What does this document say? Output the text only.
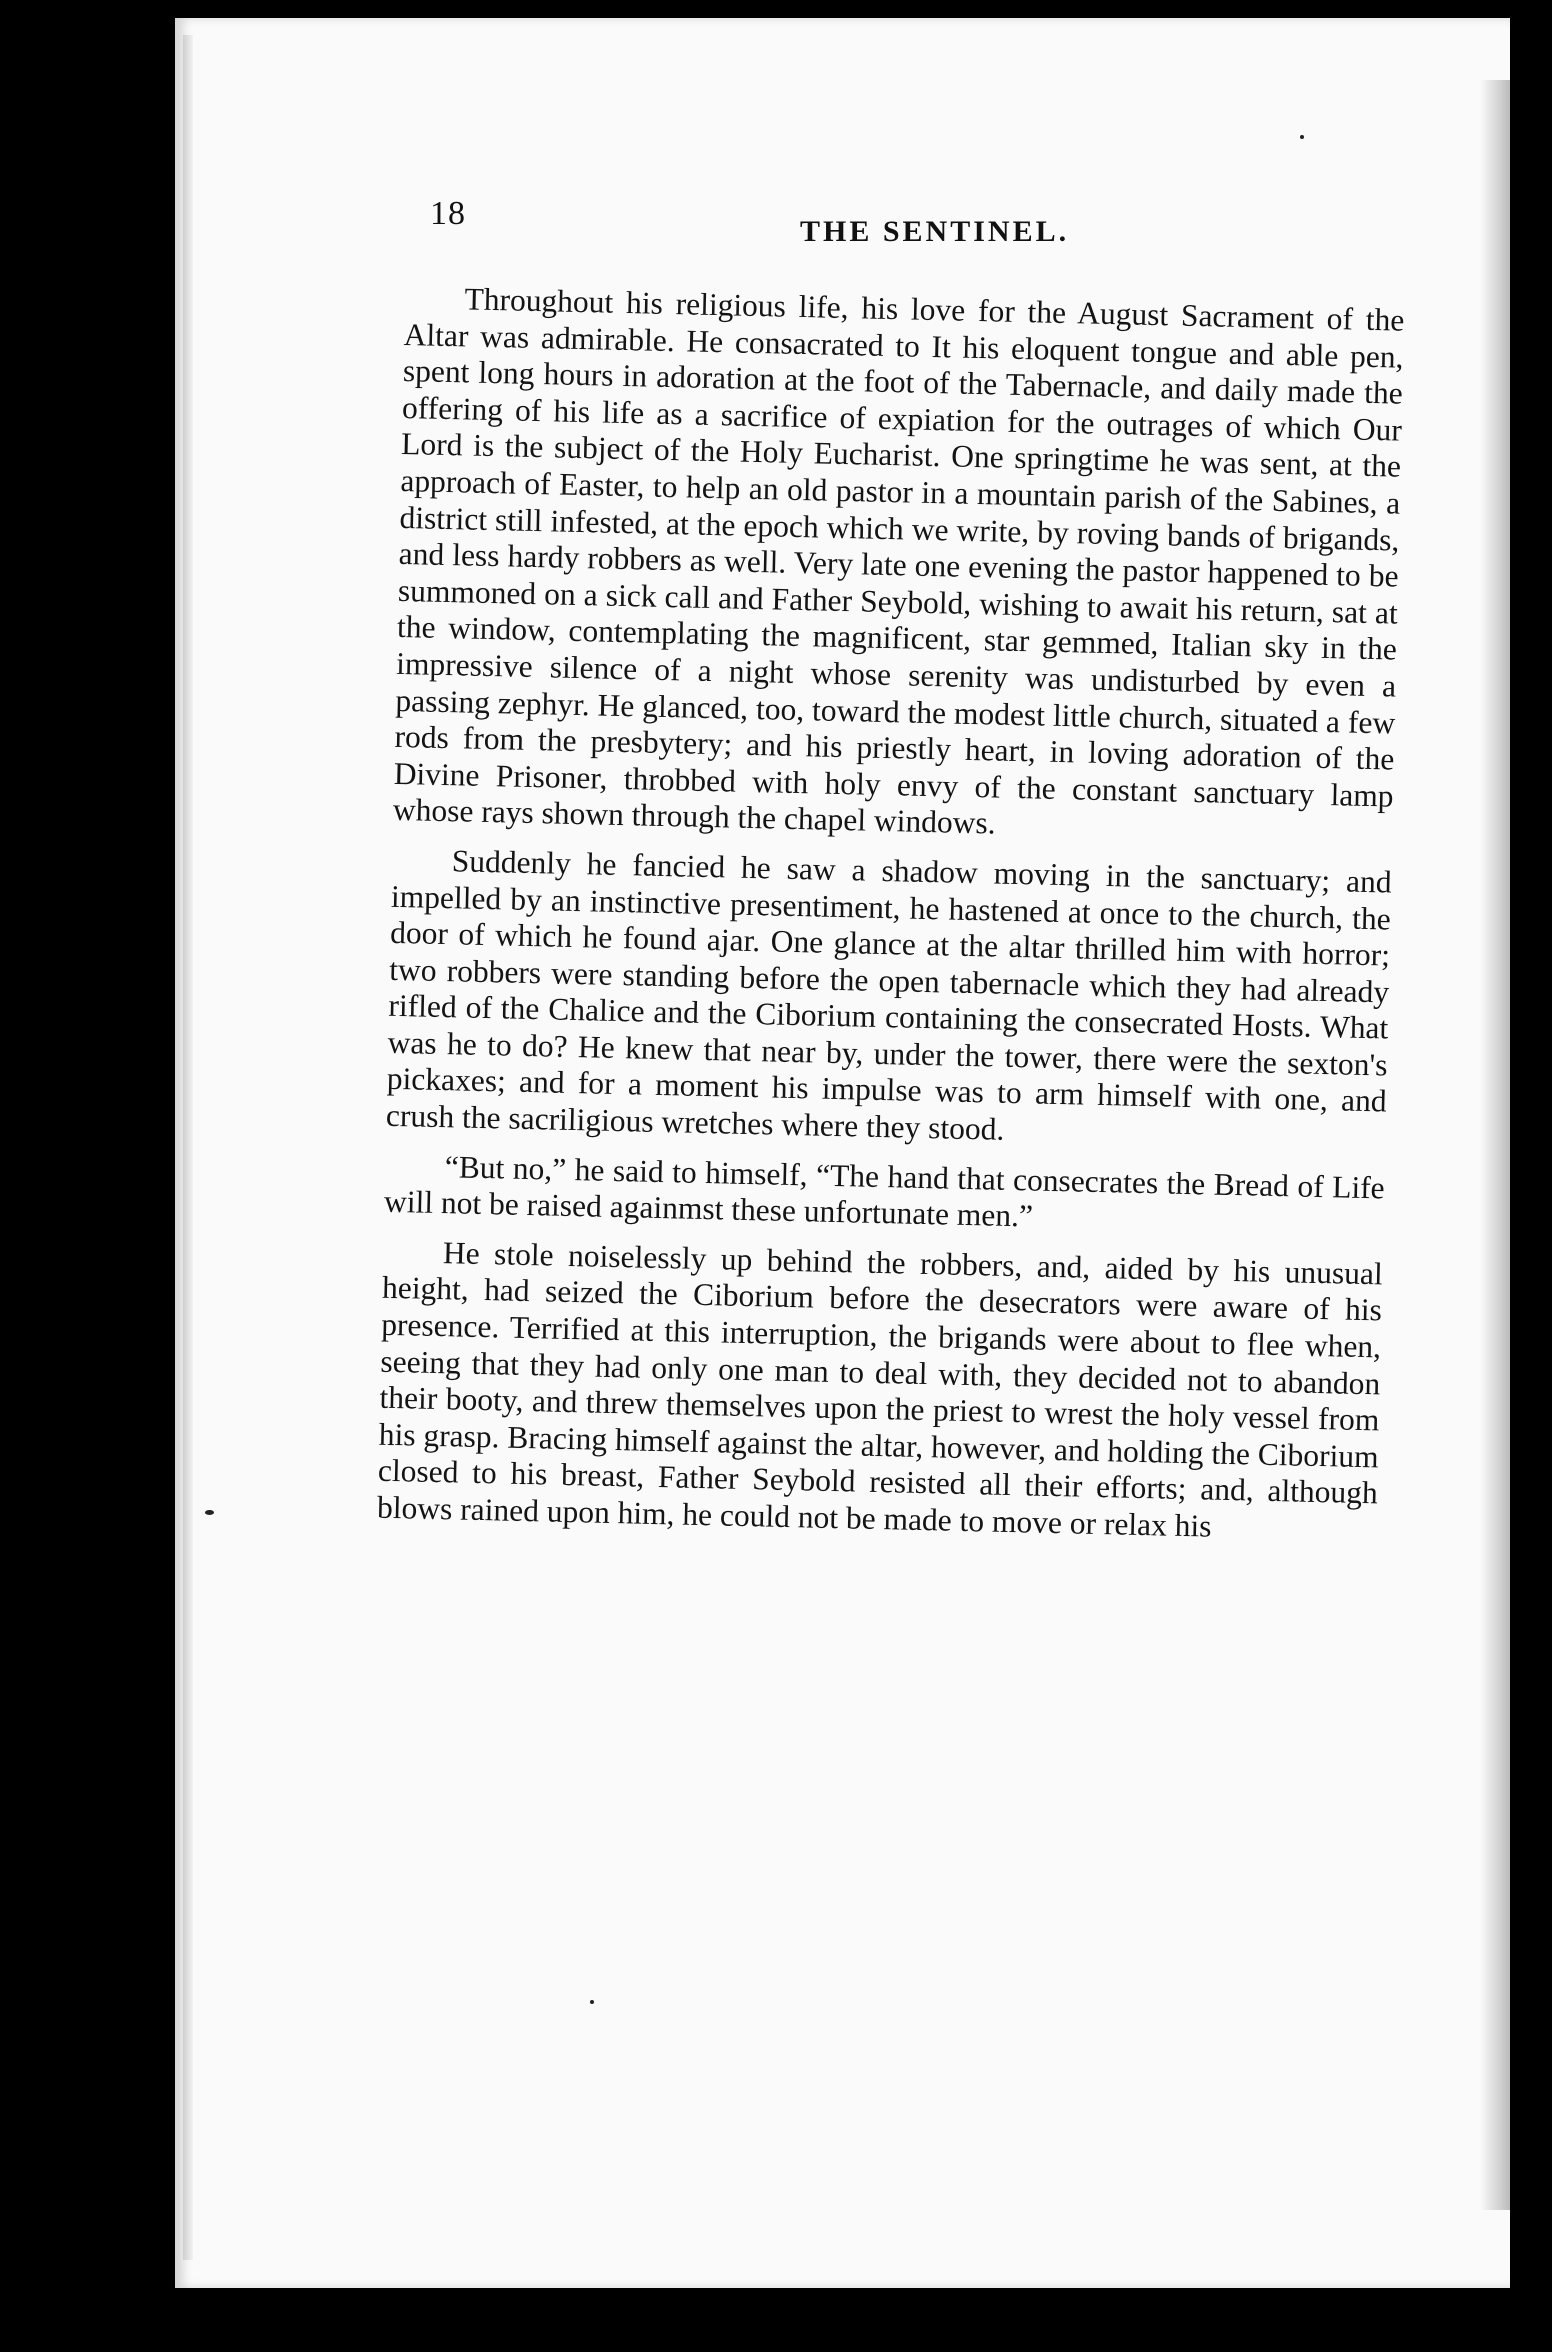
18	THE SENTINEL.

Throughout his religious life, his love for the August Sacrament of the Altar was admirable. He consacrated to It his eloquent tongue and able pen, spent long hours in adoration at the foot of the Tabernacle, and daily made the offering of his life as a sacrifice of expiation for the outrages of which Our Lord is the subject of the Holy Eucharist. One springtime he was sent, at the approach of Easter, to help an old pastor in a mountain parish of the Sabines, a district still infested, at the epoch which we write, by roving bands of brigands, and less hardy robbers as well. Very late one evening the pastor happened to be summoned on a sick call and Father Seybold, wishing to await his return, sat at the window, contemplating the magnificent, star gemmed, Italian sky in the impressive silence of a night whose serenity was undisturbed by even a passing zephyr. He glanced, too, toward the modest little church, situated a few rods from the presbytery; and his priestly heart, in loving adoration of the Divine Prisoner, throbbed with holy envy of the constant sanctuary lamp whose rays shown through the chapel windows.

Suddenly he fancied he saw a shadow moving in the sanctuary; and impelled by an instinctive presentiment, he hastened at once to the church, the door of which he found ajar. One glance at the altar thrilled him with horror; two robbers were standing before the open tabernacle which they had already rifled of the Chalice and the Ciborium containing the consecrated Hosts. What was he to do? He knew that near by, under the tower, there were the sexton's pickaxes; and for a moment his impulse was to arm himself with one, and crush the sacriligious wretches where they stood.

“But no,” he said to himself, “The hand that consecrates the Bread of Life will not be raised againmst these unfortunate men.”

He stole noiselessly up behind the robbers, and, aided by his unusual height, had seized the Ciborium before the desecrators were aware of his presence. Terrified at this interruption, the brigands were about to flee when, seeing that they had only one man to deal with, they decided not to abandon their booty, and threw themselves upon the priest to wrest the holy vessel from his grasp. Bracing himself against the altar, however, and holding the Ciborium closed to his breast, Father Seybold resisted all their efforts; and, although blows rained upon him, he could not be made to move or relax his
